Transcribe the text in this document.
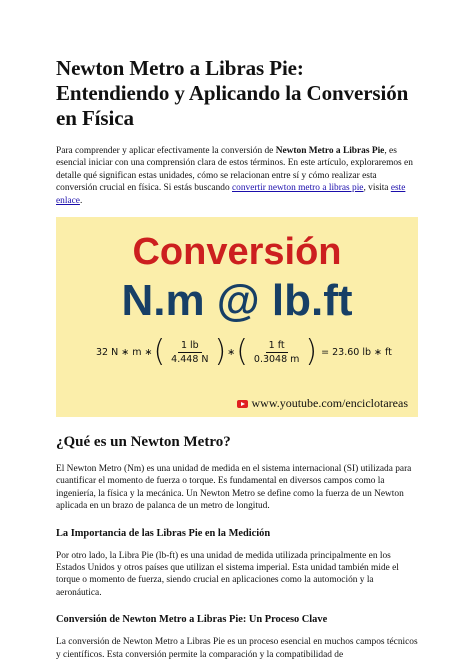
Newton Metro a Libras Pie: Entendiendo y Aplicando la Conversión en Física

Para comprender y aplicar efectivamente la conversión de Newton Metro a Libras Pie, es esencial iniciar con una comprensión clara de estos términos. En este artículo, exploraremos en detalle qué significan estas unidades, cómo se relacionan entre sí y cómo realizar esta conversión crucial en física. Si estás buscando convertir newton metro a libras pie, visita este enlace.

Conversión
N.m @ lb.ft
32 N ∗ m ∗ ( $\frac{1 lb}{4.448 N}$ ) ∗ ( $\frac{1 ft}{0.3048 m}$ ) = 23.60 lb ∗ ft
www.youtube.com/enciclotareas
¿Qué es un Newton Metro?

El Newton Metro (Nm) es una unidad de medida en el sistema internacional (SI) utilizada para cuantificar el momento de fuerza o torque. Es fundamental en diversos campos como la ingeniería, la física y la mecánica. Un Newton Metro se define como la fuerza de un Newton aplicada en un brazo de palanca de un metro de longitud.

La Importancia de las Libras Pie en la Medición

Por otro lado, la Libra Pie (lb-ft) es una unidad de medida utilizada principalmente en los Estados Unidos y otros países que utilizan el sistema imperial. Esta unidad también mide el torque o momento de fuerza, siendo crucial en aplicaciones como la automoción y la aeronáutica.

Conversión de Newton Metro a Libras Pie: Un Proceso Clave

La conversión de Newton Metro a Libras Pie es un proceso esencial en muchos campos técnicos y científicos. Esta conversión permite la comparación y la compatibilidad de
